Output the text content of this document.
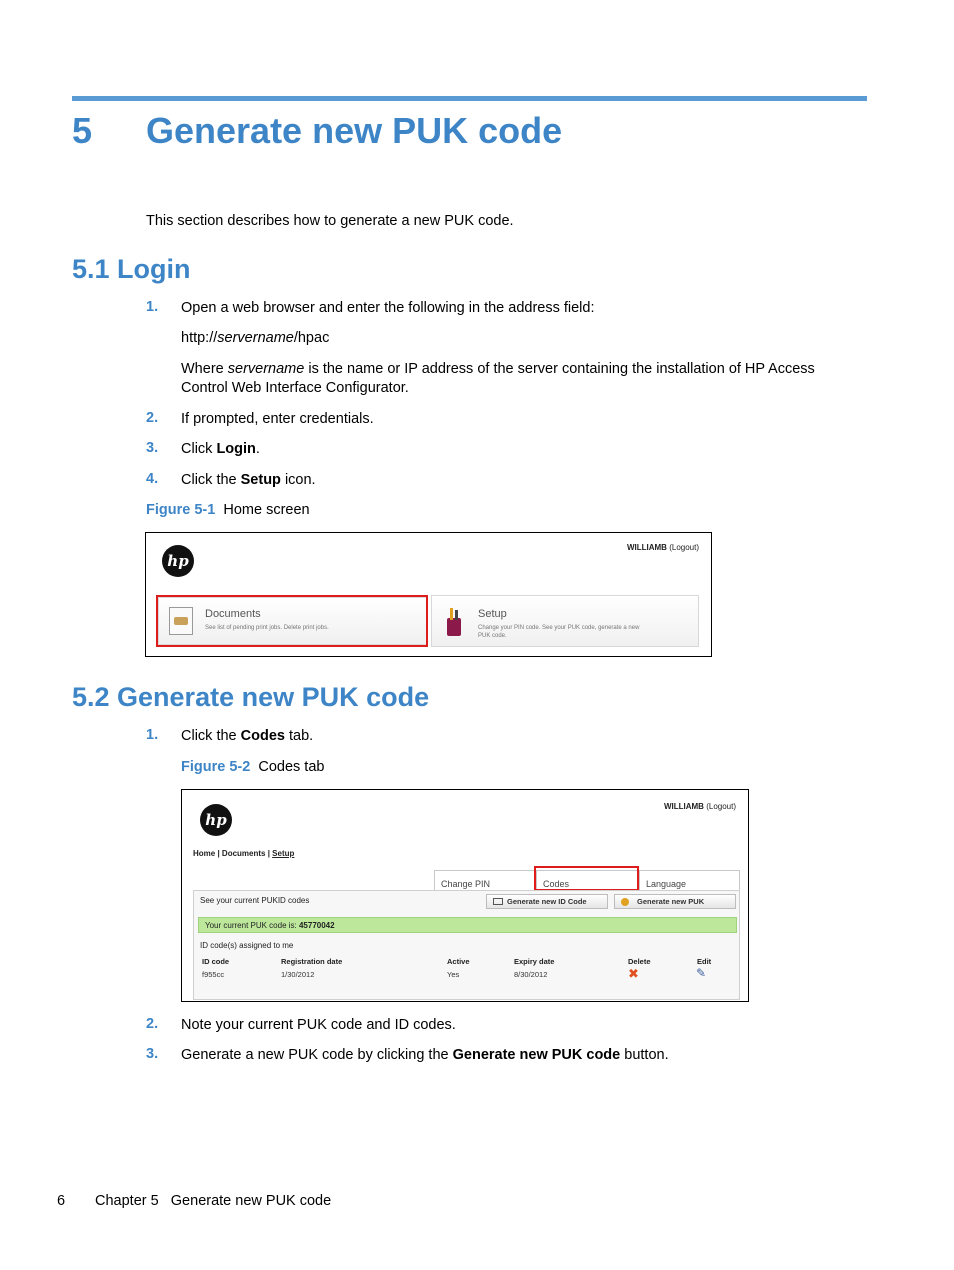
5 Generate new PUK code
This section describes how to generate a new PUK code.
5.1 Login
1. Open a web browser and enter the following in the address field:
http://servername/hpac
Where servername is the name or IP address of the server containing the installation of HP Access
Control Web Interface Configurator.
2. If prompted, enter credentials.
3. Click Login.
4. Click the Setup icon.
Figure 5-1 Home screen
hp
WILLIAMB (Logout)
Documents
See list of pending print jobs. Delete print jobs.
Setup
Change your PIN code. See your PUK code, generate a new
PUK code.
5.2 Generate new PUK code
1. Click the Codes tab.
Figure 5-2 Codes tab
hp
WILLIAMB (Logout)
Home | Documents | Setup
Change PIN	Codes	Language
See your current PUKID codes	Generate new ID Code	Generate new PUK
Your current PUK code is: 45770042
ID code(s) assigned to me
ID code	Registration date	Active	Expiry date	Delete	Edit
f955cc	1/30/2012	Yes	8/30/2012	✖	✎
2. Note your current PUK code and ID codes.
3. Generate a new PUK code by clicking the Generate new PUK code button.
6 Chapter 5 Generate new PUK code
